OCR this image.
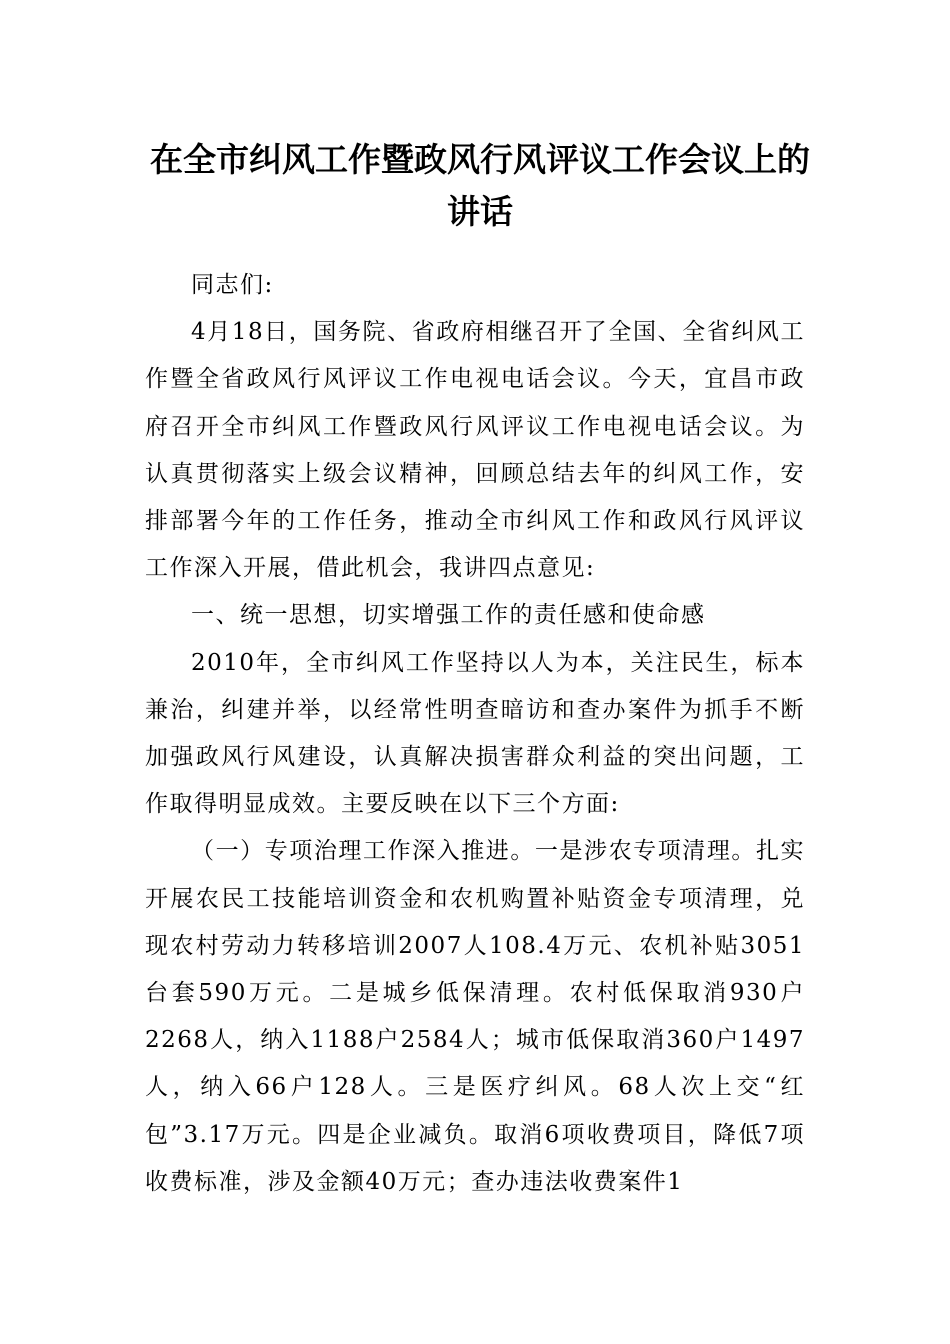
在全市纠风工作暨政风行风评议工作会议上的讲话

同志们:

4月18日，国务院、省政府相继召开了全国、全省纠风工作暨全省政风行风评议工作电视电话会议。今天，宜昌市政府召开全市纠风工作暨政风行风评议工作电视电话会议。为认真贯彻落实上级会议精神，回顾总结去年的纠风工作，安排部署今年的工作任务，推动全市纠风工作和政风行风评议工作深入开展，借此机会，我讲四点意见:

一、统一思想，切实增强工作的责任感和使命感

2010年，全市纠风工作坚持以人为本，关注民生，标本兼治，纠建并举，以经常性明查暗访和查办案件为抓手不断加强政风行风建设，认真解决损害群众利益的突出问题，工作取得明显成效。主要反映在以下三个方面:

（一）专项治理工作深入推进。一是涉农专项清理。扎实开展农民工技能培训资金和农机购置补贴资金专项清理，兑现农村劳动力转移培训2007人108.4万元、农机补贴3051台套590万元。二是城乡低保清理。农村低保取消930户2268人，纳入1188户2584人；城市低保取消360户1497人，纳入66户128人。三是医疗纠风。68人次上交“红包”3.17万元。四是企业减负。取消6项收费项目，降低7项收费标准，涉及金额40万元；查办违法收费案件1
